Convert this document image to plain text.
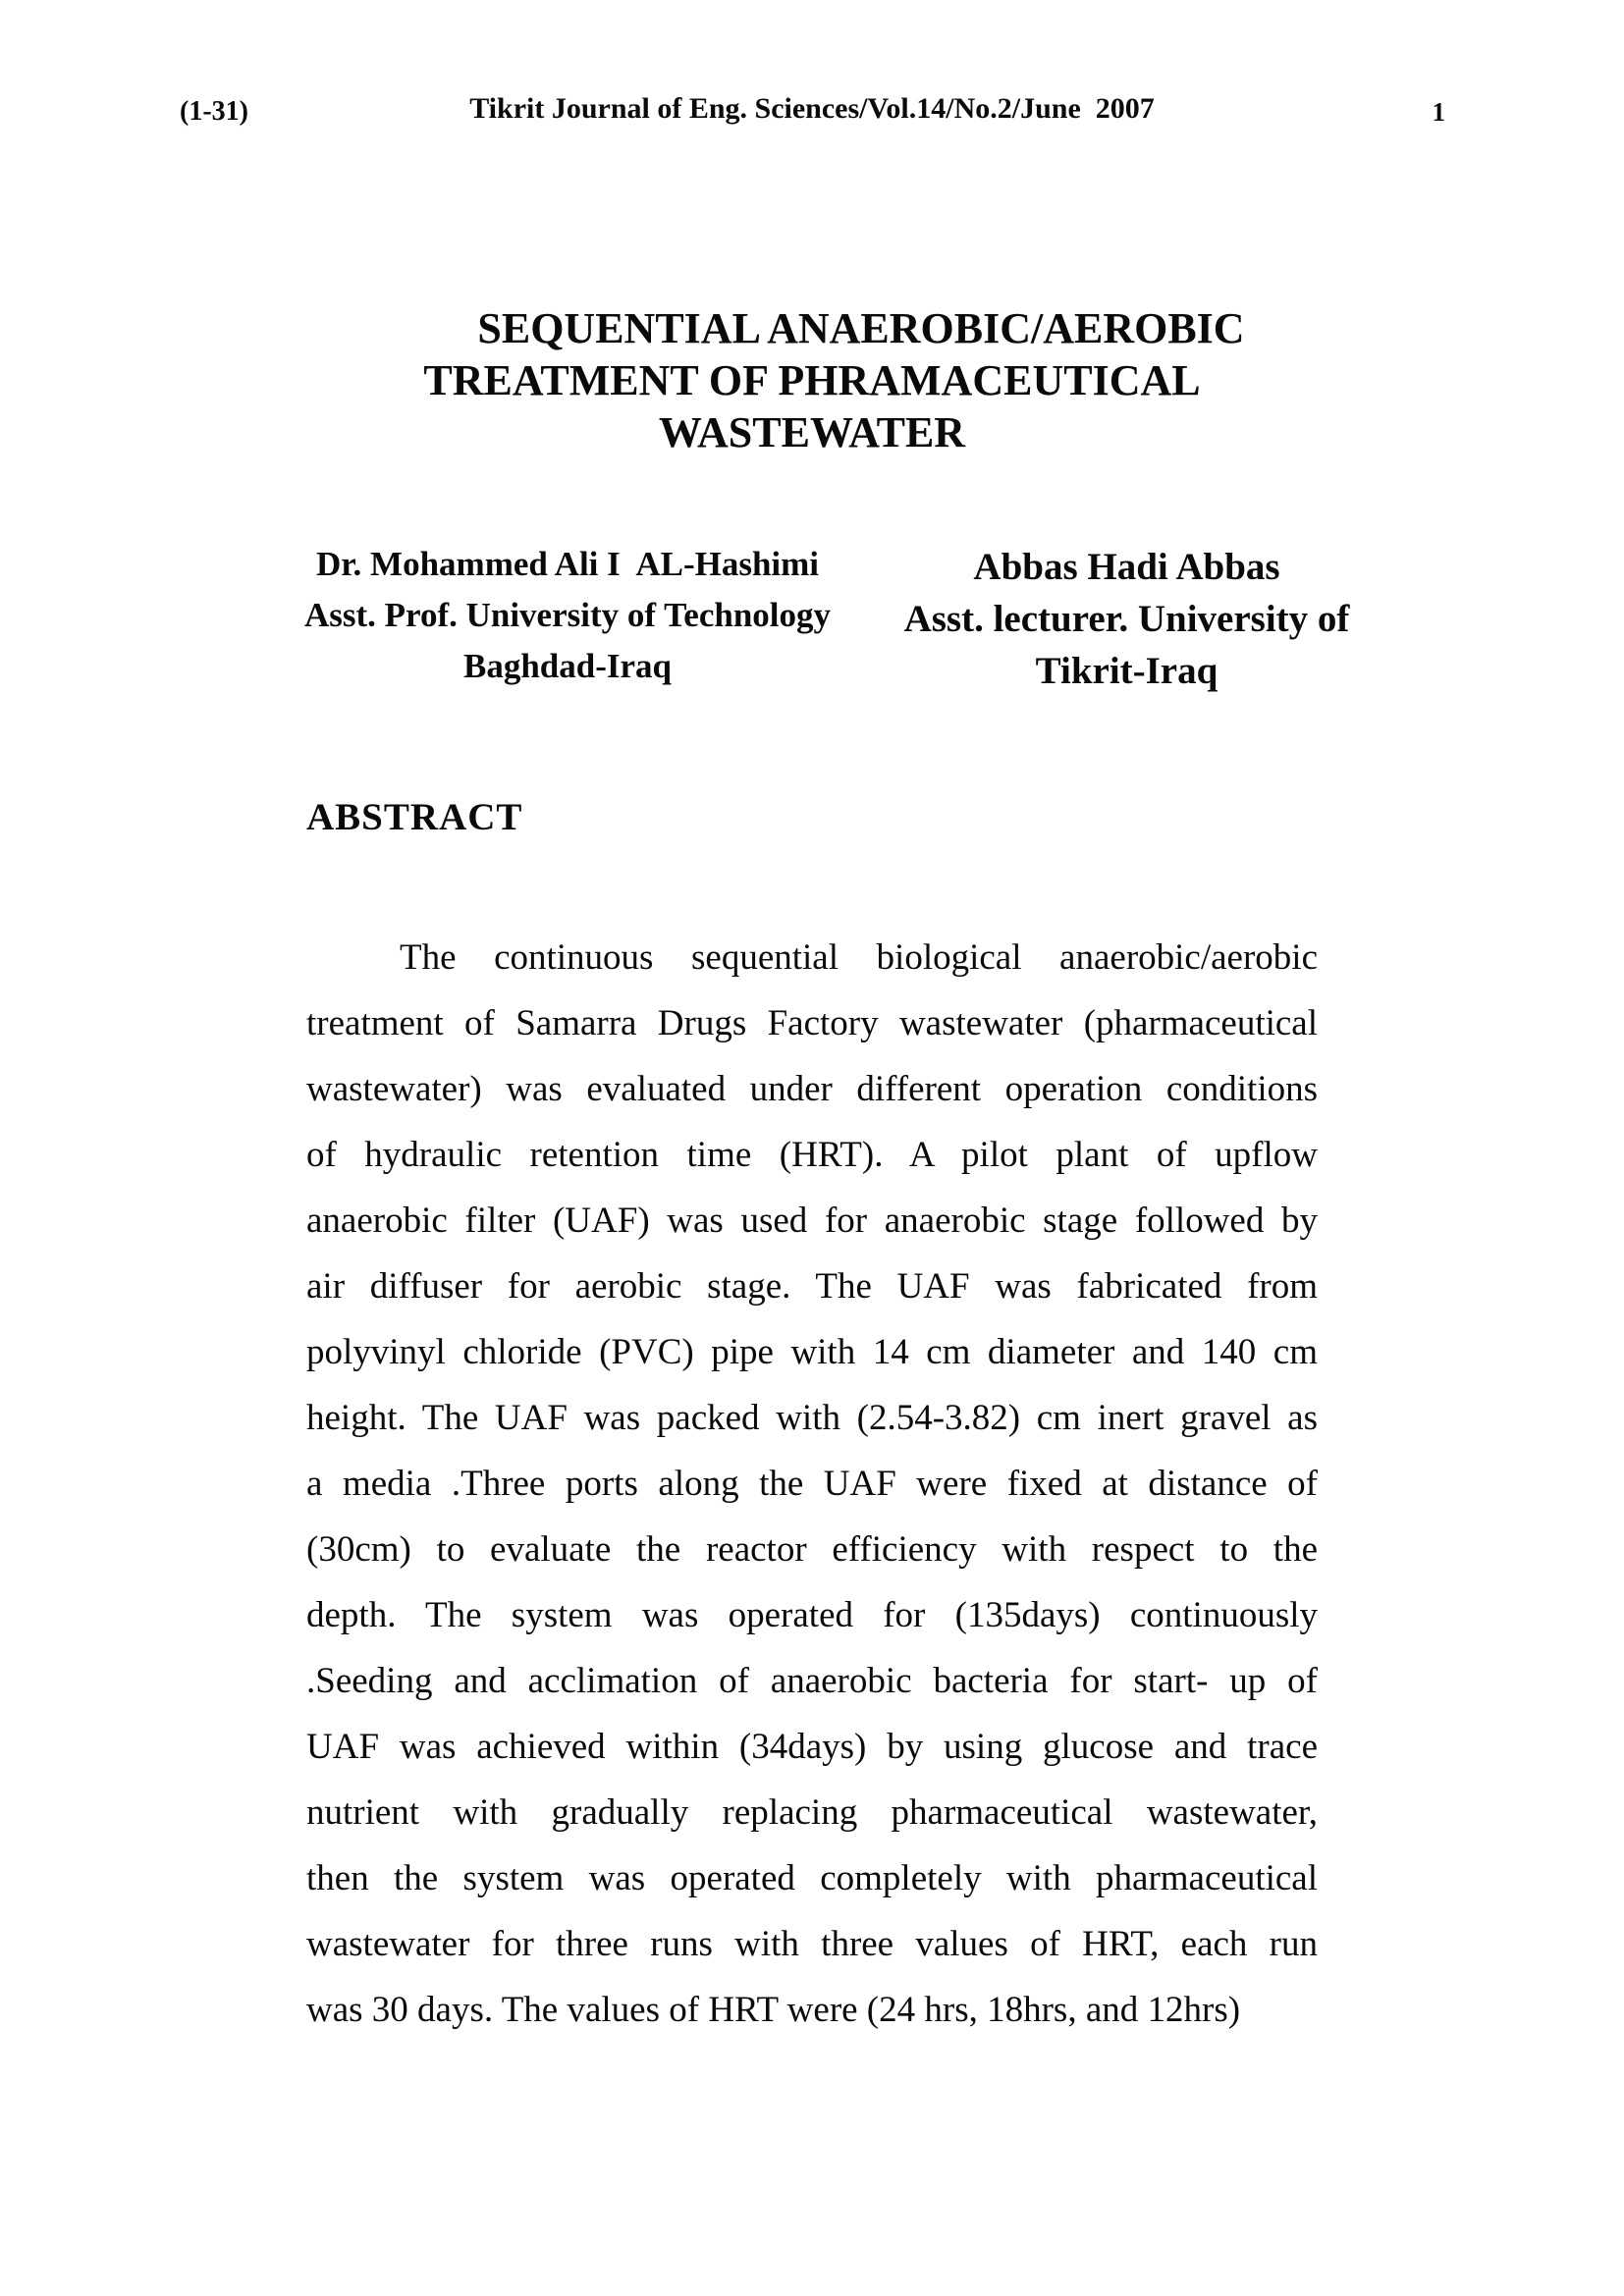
(1-31)	Tikrit Journal of Eng. Sciences/Vol.14/No.2/June  2007	1
SEQUENTIAL ANAEROBIC/AEROBIC
TREATMENT OF PHRAMACEUTICAL
WASTEWATER
Dr. Mohammed Ali I  AL-Hashimi
Asst. Prof. University of Technology
Baghdad-Iraq
Abbas Hadi Abbas
Asst. lecturer. University of
Tikrit-Iraq
ABSTRACT
The continuous sequential biological anaerobic/aerobic
treatment of Samarra Drugs Factory wastewater (pharmaceutical
wastewater) was evaluated under different operation conditions
of hydraulic retention time (HRT). A pilot plant of upflow
anaerobic filter (UAF) was used for anaerobic stage followed by
air diffuser for aerobic stage. The UAF was fabricated from
polyvinyl chloride (PVC) pipe with 14 cm diameter and 140 cm
height. The UAF was packed with (2.54-3.82) cm inert gravel as
a media .Three ports along the UAF were fixed at distance of
(30cm) to evaluate the reactor efficiency with respect to the
depth. The system was operated for (135days) continuously
.Seeding and acclimation of anaerobic bacteria for start- up of
UAF was achieved within (34days) by using glucose and trace
nutrient with gradually replacing pharmaceutical wastewater,
then the system was operated completely with pharmaceutical
wastewater for three runs with three values of HRT, each run
was 30 days. The values of HRT were (24 hrs, 18hrs, and 12hrs)
